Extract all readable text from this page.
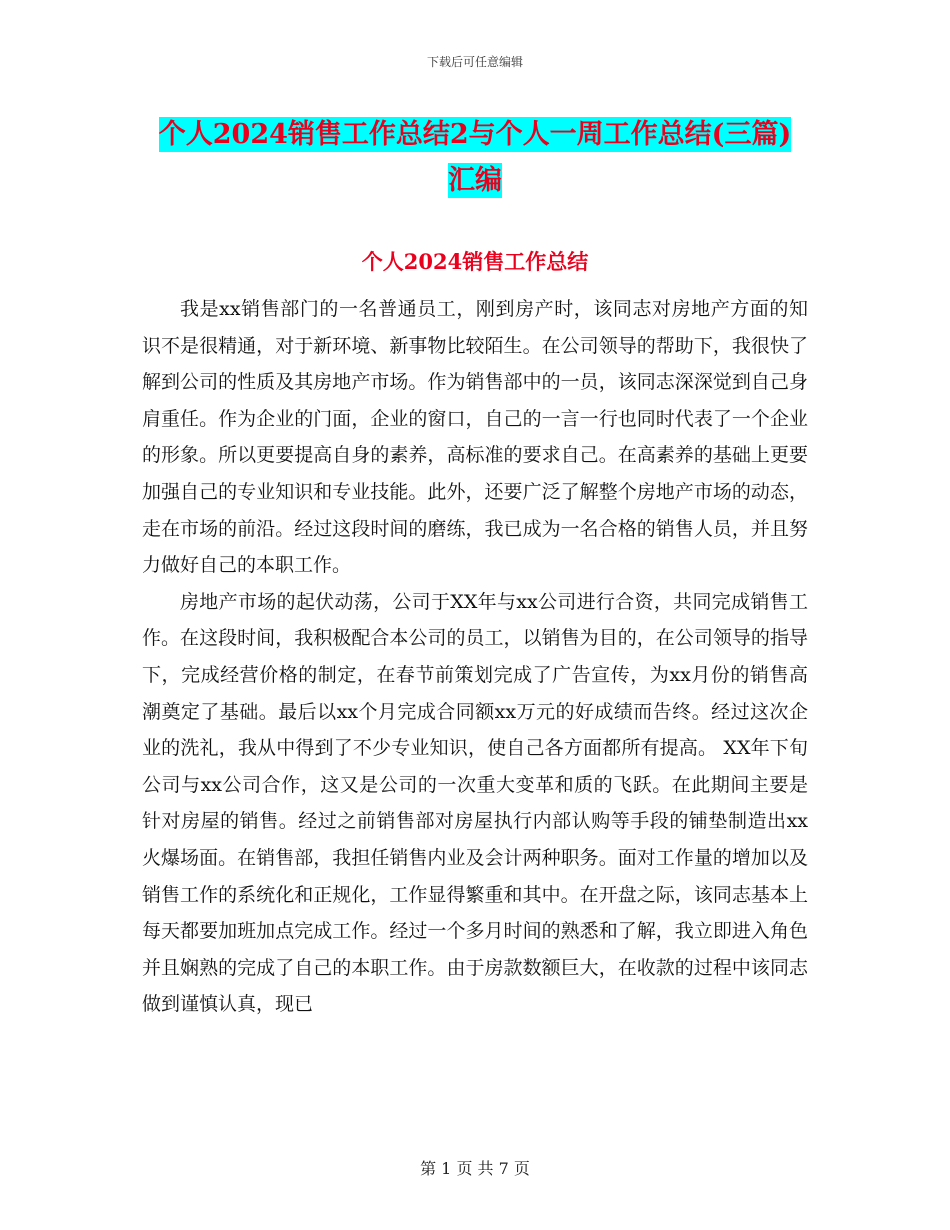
下载后可任意编辑
个人2024销售工作总结2与个人一周工作总结(三篇)
汇编
个人2024销售工作总结

我是xx销售部门的一名普通员工，刚到房产时，该同志对房地产方面的知识不是很精通，对于新环境、新事物比较陌生。在公司领导的帮助下，我很快了解到公司的性质及其房地产市场。作为销售部中的一员，该同志深深觉到自己身肩重任。作为企业的门面，企业的窗口，自己的一言一行也同时代表了一个企业的形象。所以更要提高自身的素养，高标准的要求自己。在高素养的基础上更要加强自己的专业知识和专业技能。此外，还要广泛了解整个房地产市场的动态，走在市场的前沿。经过这段时间的磨练，我已成为一名合格的销售人员，并且努力做好自己的本职工作。

房地产市场的起伏动荡，公司于XX年与xx公司进行合资，共同完成销售工作。在这段时间，我积极配合本公司的员工，以销售为目的，在公司领导的指导下，完成经营价格的制定，在春节前策划完成了广告宣传，为xx月份的销售高潮奠定了基础。最后以xx个月完成合同额xx万元的好成绩而告终。经过这次企业的洗礼，我从中得到了不少专业知识，使自己各方面都所有提高。 XX年下旬公司与xx公司合作，这又是公司的一次重大变革和质的飞跃。在此期间主要是针对房屋的销售。经过之前销售部对房屋执行内部认购等手段的铺垫制造出xx火爆场面。在销售部，我担任销售内业及会计两种职务。面对工作量的增加以及销售工作的系统化和正规化，工作显得繁重和其中。在开盘之际，该同志基本上每天都要加班加点完成工作。经过一个多月时间的熟悉和了解，我立即进入角色并且娴熟的完成了自己的本职工作。由于房款数额巨大，在收款的过程中该同志做到谨慎认真，现已

第 1 页 共 7 页
